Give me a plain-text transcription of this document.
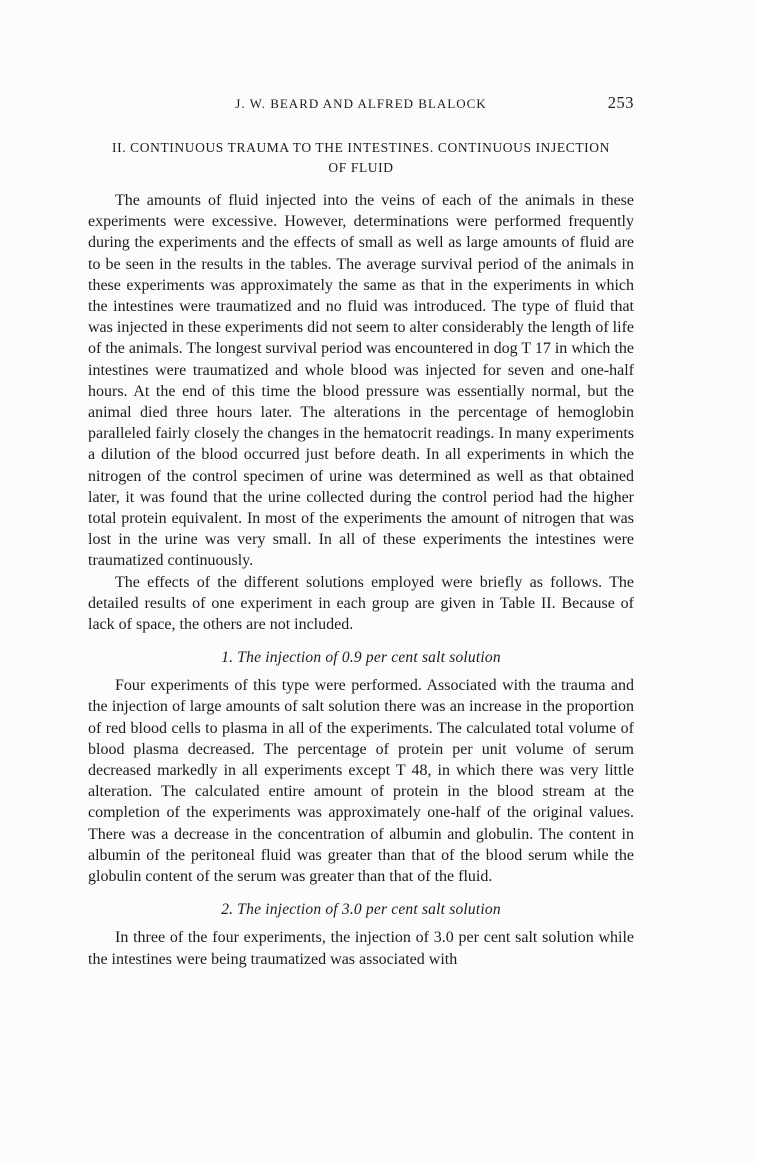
J. W. BEARD AND ALFRED BLALOCK	253
II. CONTINUOUS TRAUMA TO THE INTESTINES. CONTINUOUS INJECTION
OF FLUID

The amounts of fluid injected into the veins of each of the animals in these experiments were excessive. However, determinations were performed frequently during the experiments and the effects of small as well as large amounts of fluid are to be seen in the results in the tables. The average survival period of the animals in these experiments was approximately the same as that in the experiments in which the intestines were traumatized and no fluid was introduced. The type of fluid that was injected in these experiments did not seem to alter considerably the length of life of the animals. The longest survival period was encountered in dog T 17 in which the intestines were traumatized and whole blood was injected for seven and one-half hours. At the end of this time the blood pressure was essentially normal, but the animal died three hours later. The alterations in the percentage of hemoglobin paralleled fairly closely the changes in the hematocrit readings. In many experiments a dilution of the blood occurred just before death. In all experiments in which the nitrogen of the control specimen of urine was determined as well as that obtained later, it was found that the urine collected during the control period had the higher total protein equivalent. In most of the experiments the amount of nitrogen that was lost in the urine was very small. In all of these experiments the intestines were traumatized continuously.

The effects of the different solutions employed were briefly as follows. The detailed results of one experiment in each group are given in Table II. Because of lack of space, the others are not included.

1. The injection of 0.9 per cent salt solution

Four experiments of this type were performed. Associated with the trauma and the injection of large amounts of salt solution there was an increase in the proportion of red blood cells to plasma in all of the experiments. The calculated total volume of blood plasma decreased. The percentage of protein per unit volume of serum decreased markedly in all experiments except T 48, in which there was very little alteration. The calculated entire amount of protein in the blood stream at the completion of the experiments was approximately one-half of the original values. There was a decrease in the concentration of albumin and globulin. The content in albumin of the peritoneal fluid was greater than that of the blood serum while the globulin content of the serum was greater than that of the fluid.

2. The injection of 3.0 per cent salt solution

In three of the four experiments, the injection of 3.0 per cent salt solution while the intestines were being traumatized was associated with
